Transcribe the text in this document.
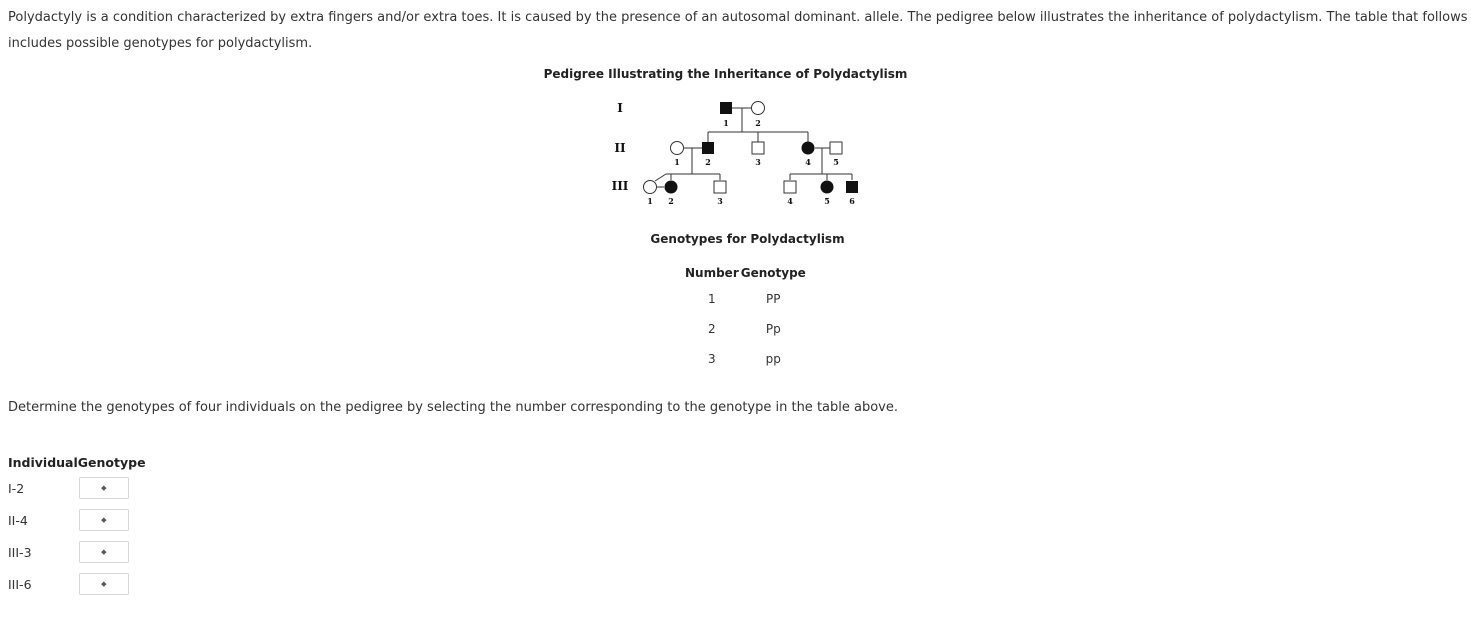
Polydactyly is a condition characterized by extra fingers and/or extra toes. It is caused by the presence of an autosomal dominant. allele. The pedigree below illustrates the inheritance of polydactylism. The table that follows includes possible genotypes for polydactylism.
Pedigree Illustrating the Inheritance of Polydactylism
I
II
III
1	2
1	2	3	4	5
1 2	3	4	5 6
Genotypes for Polydactylism
Number	Genotype
1	PP
2	Pp
3	pp
Determine the genotypes of four individuals on the pedigree by selecting the number corresponding to the genotype in the table above.
Individual	Genotype
I-2	◆

II-4	◆

III-3	◆

III-6	◆
